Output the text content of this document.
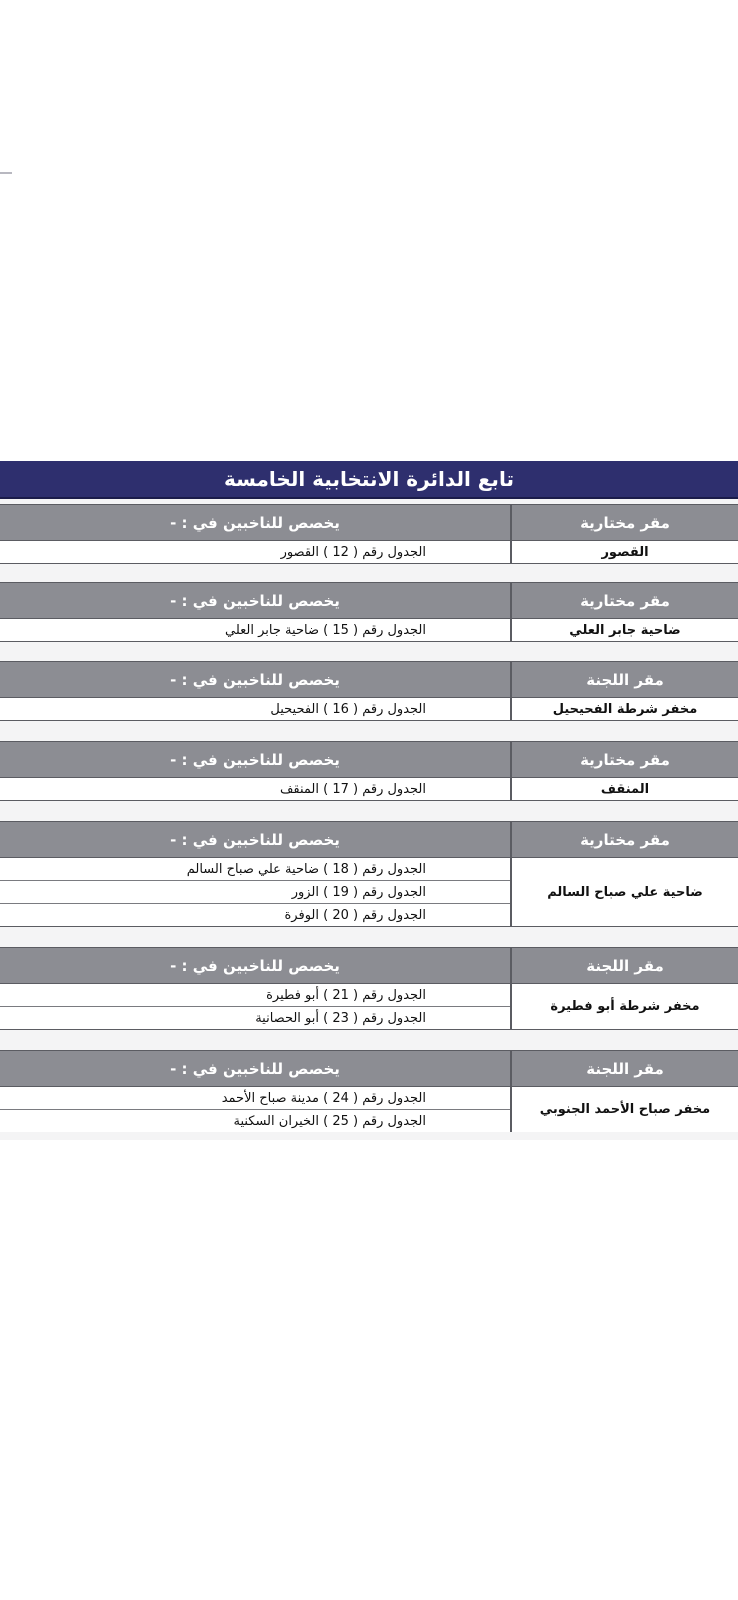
تابع الدائرة الانتخابية الخامسة
مقر مختارية
يخصص للناخبين في : -
القصور
الجدول رقم ( 12 ) القصور
مقر مختارية
يخصص للناخبين في : -
ضاحية جابر العلي
الجدول رقم ( 15 ) ضاحية جابر العلي
مقر اللجنة
يخصص للناخبين في : -
مخفر شرطة الفحيحيل
الجدول رقم ( 16 ) الفحيحيل
مقر مختارية
يخصص للناخبين في : -
المنقف
الجدول رقم ( 17 ) المنقف
مقر مختارية
يخصص للناخبين في : -
ضاحية علي صباح السالم
الجدول رقم ( 18 ) ضاحية علي صباح السالم
الجدول رقم ( 19 ) الزور
الجدول رقم ( 20 ) الوفرة
مقر اللجنة
يخصص للناخبين في : -
مخفر شرطة أبو فطيرة
الجدول رقم ( 21 ) أبو فطيرة
الجدول رقم ( 23 ) أبو الحصانية
مقر اللجنة
يخصص للناخبين في : -
مخفر صباح الأحمد الجنوبي
الجدول رقم ( 24 ) مدينة صباح الأحمد
الجدول رقم ( 25 ) الخيران السكنية
